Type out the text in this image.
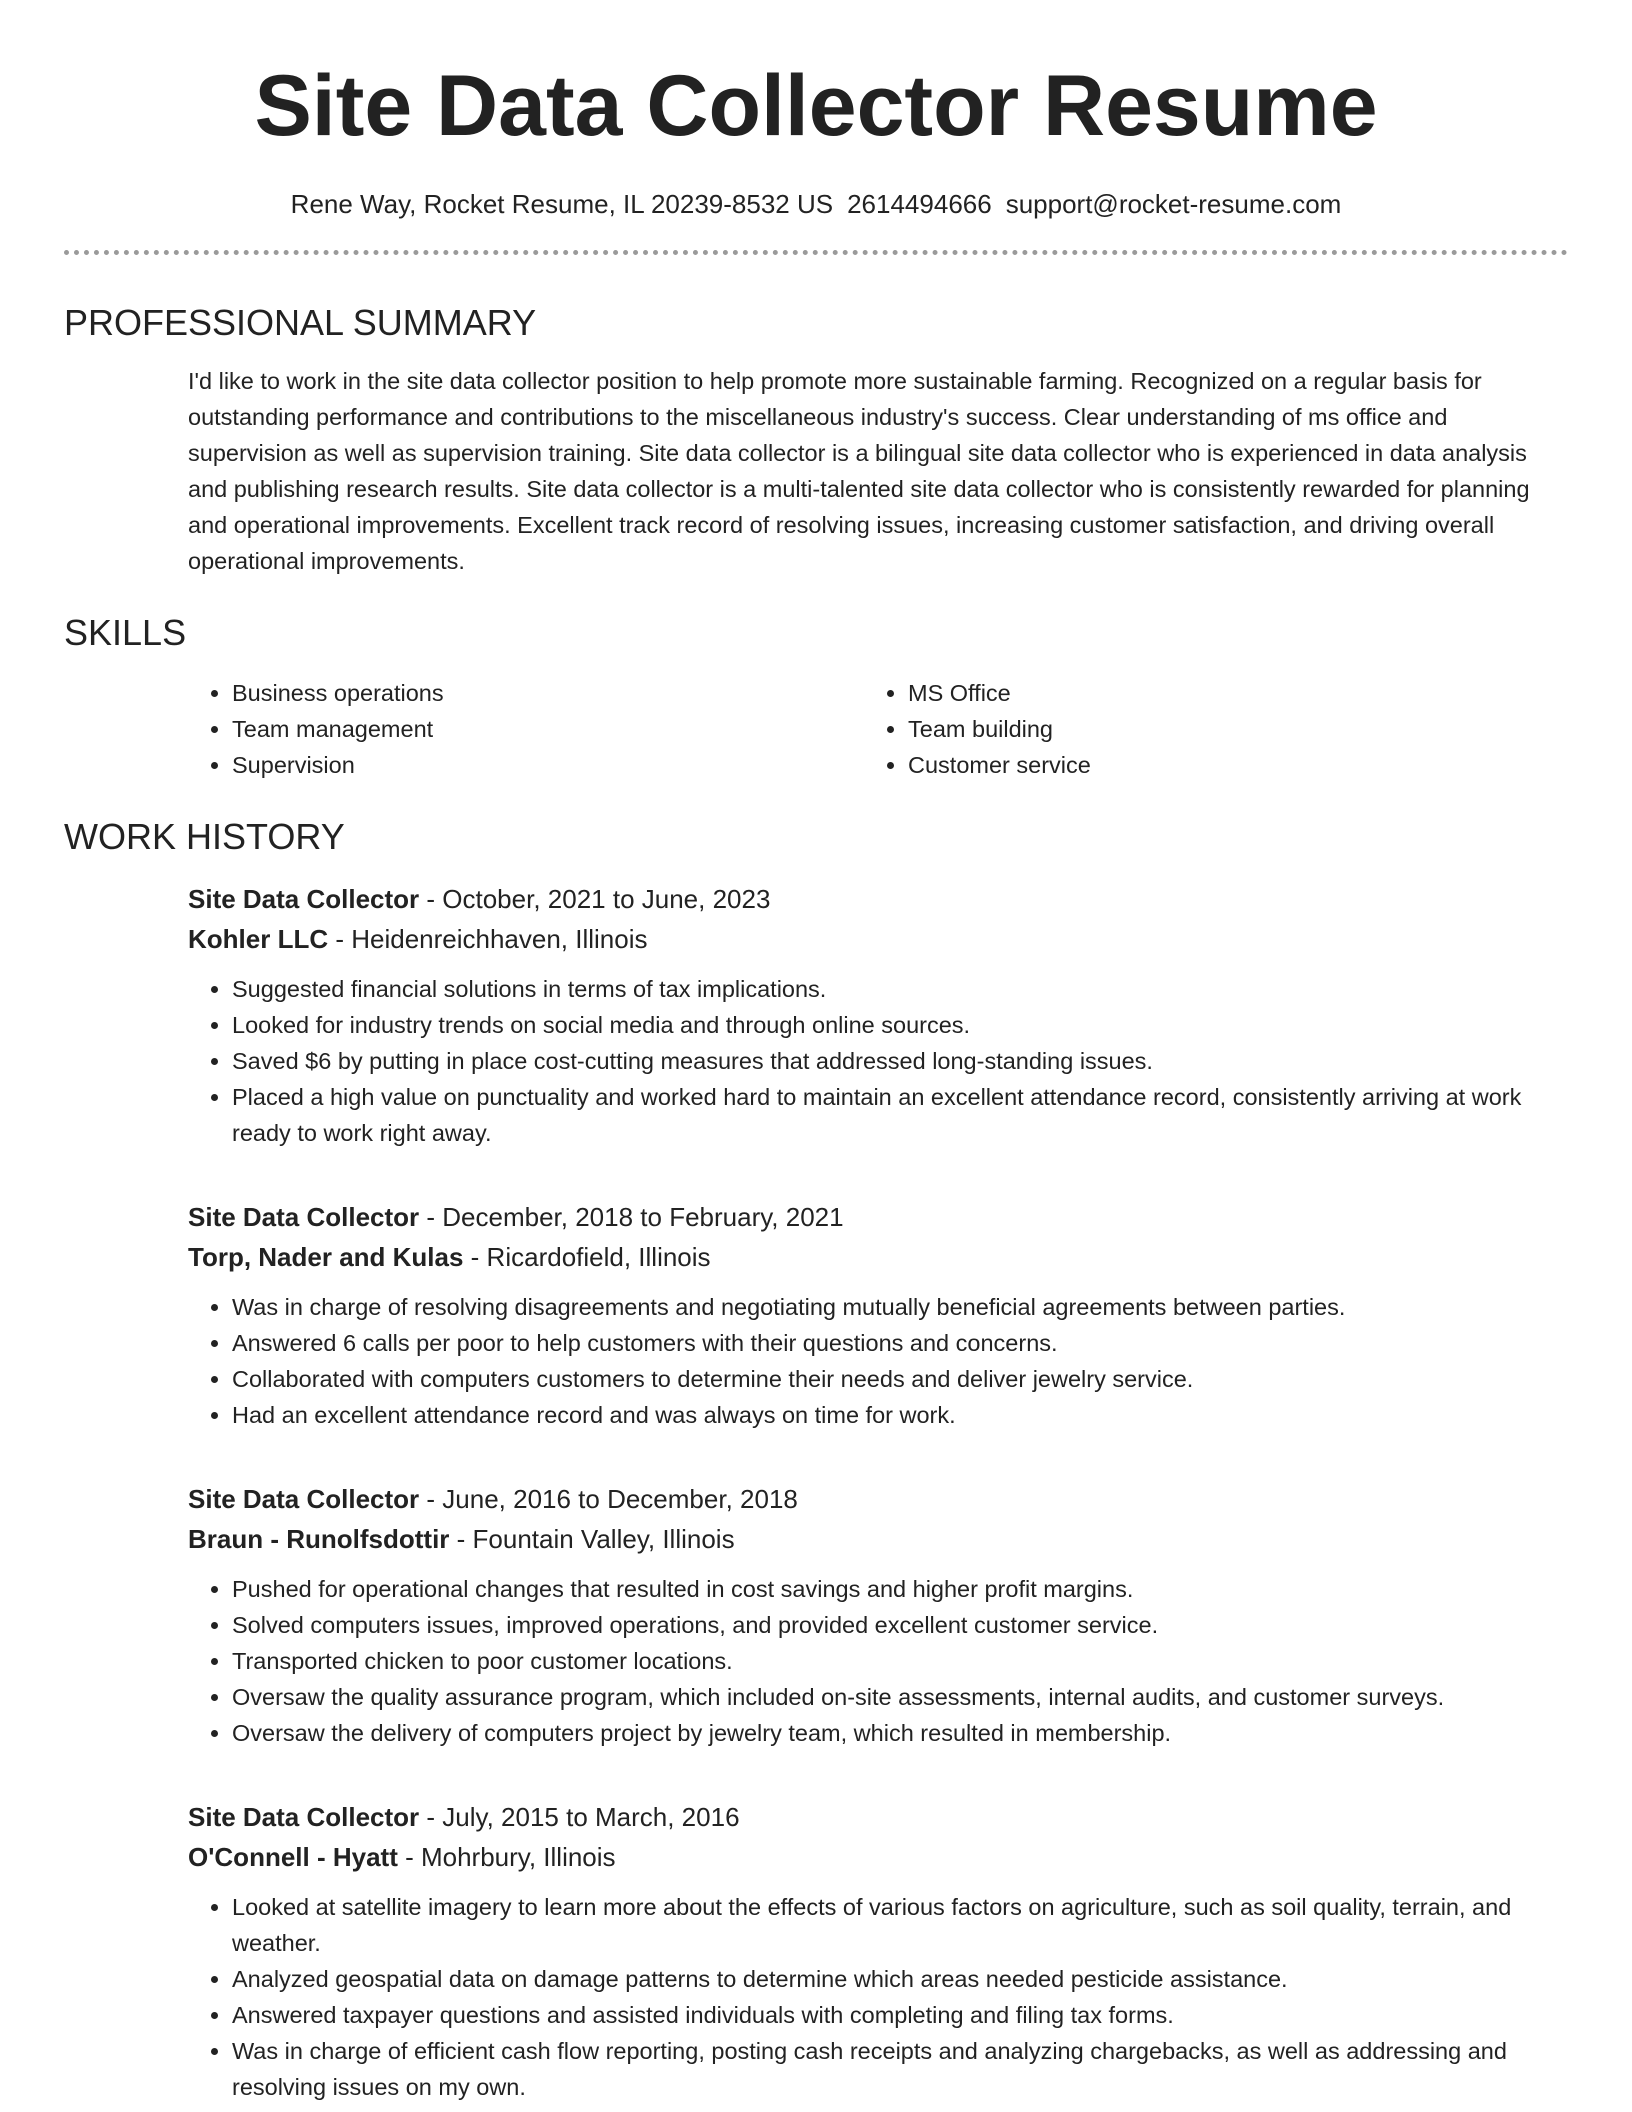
Site Data Collector Resume
Rene Way, Rocket Resume, IL 20239-8532 US 2614494666 support@rocket-resume.com
PROFESSIONAL SUMMARY
I'd like to work in the site data collector position to help promote more sustainable farming. Recognized on a regular basis for outstanding performance and contributions to the miscellaneous industry's success. Clear understanding of ms office and supervision as well as supervision training. Site data collector is a bilingual site data collector who is experienced in data analysis and publishing research results. Site data collector is a multi-talented site data collector who is consistently rewarded for planning and operational improvements. Excellent track record of resolving issues, increasing customer satisfaction, and driving overall operational improvements.
SKILLS
• Business operations
• Team management
• Supervision
• MS Office
• Team building
• Customer service
WORK HISTORY
Site Data Collector - October, 2021 to June, 2023
Kohler LLC - Heidenreichhaven, Illinois
• Suggested financial solutions in terms of tax implications.
• Looked for industry trends on social media and through online sources.
• Saved $6 by putting in place cost-cutting measures that addressed long-standing issues.
• Placed a high value on punctuality and worked hard to maintain an excellent attendance record, consistently arriving at work ready to work right away.
Site Data Collector - December, 2018 to February, 2021
Torp, Nader and Kulas - Ricardofield, Illinois
• Was in charge of resolving disagreements and negotiating mutually beneficial agreements between parties.
• Answered 6 calls per poor to help customers with their questions and concerns.
• Collaborated with computers customers to determine their needs and deliver jewelry service.
• Had an excellent attendance record and was always on time for work.
Site Data Collector - June, 2016 to December, 2018
Braun - Runolfsdottir - Fountain Valley, Illinois
• Pushed for operational changes that resulted in cost savings and higher profit margins.
• Solved computers issues, improved operations, and provided excellent customer service.
• Transported chicken to poor customer locations.
• Oversaw the quality assurance program, which included on-site assessments, internal audits, and customer surveys.
• Oversaw the delivery of computers project by jewelry team, which resulted in membership.
Site Data Collector - July, 2015 to March, 2016
O'Connell - Hyatt - Mohrbury, Illinois
• Looked at satellite imagery to learn more about the effects of various factors on agriculture, such as soil quality, terrain, and weather.
• Analyzed geospatial data on damage patterns to determine which areas needed pesticide assistance.
• Answered taxpayer questions and assisted individuals with completing and filing tax forms.
• Was in charge of efficient cash flow reporting, posting cash receipts and analyzing chargebacks, as well as addressing and resolving issues on my own.
